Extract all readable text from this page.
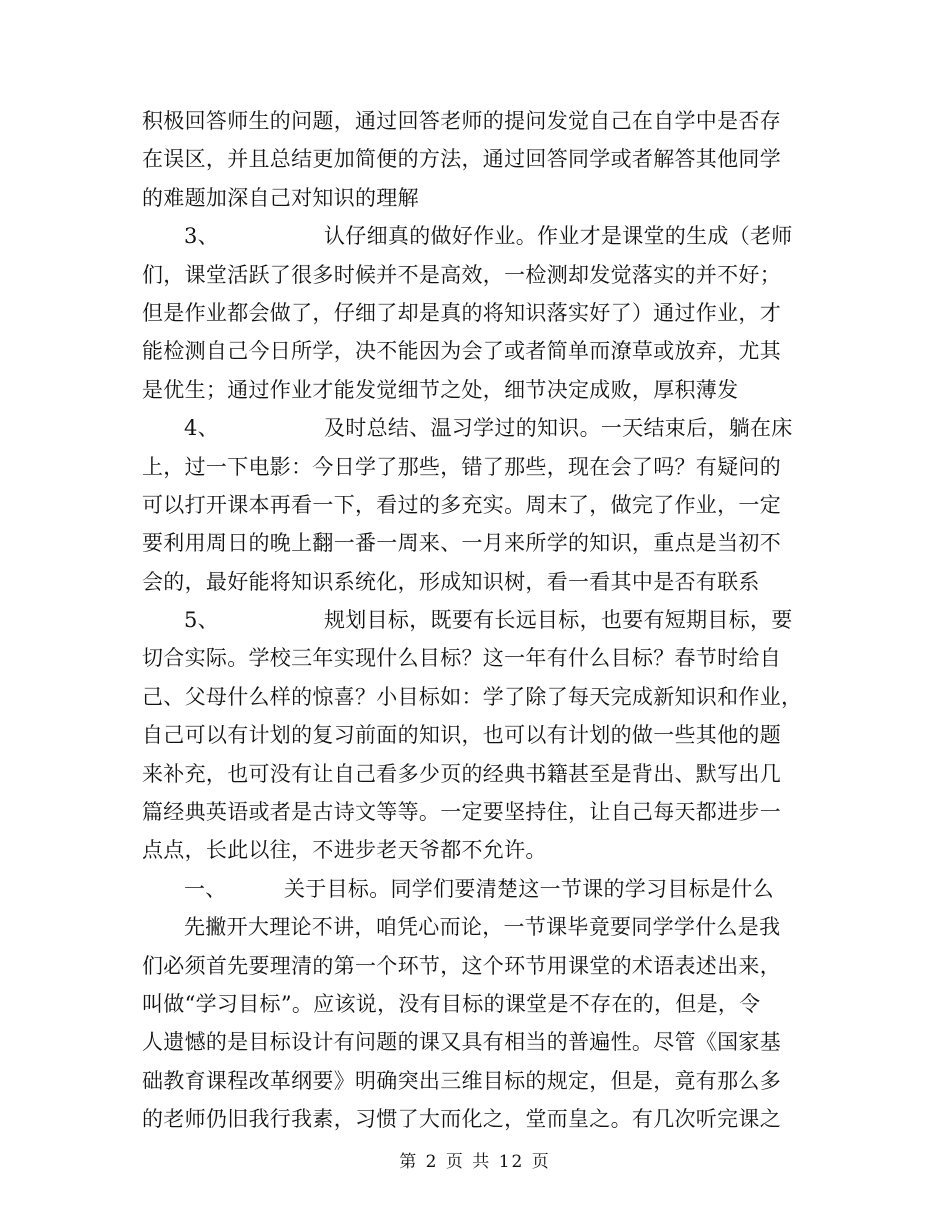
积极回答师生的问题，通过回答老师的提问发觉自己在自学中是否存
在误区，并且总结更加简便的方法，通过回答同学或者解答其他同学
的难题加深自己对知识的理解
3、	认仔细真的做好作业。作业才是课堂的生成（老师
们，课堂活跃了很多时候并不是高效，一检测却发觉落实的并不好；
但是作业都会做了，仔细了却是真的将知识落实好了）通过作业，才
能检测自己今日所学，决不能因为会了或者简单而潦草或放弃，尤其
是优生；通过作业才能发觉细节之处，细节决定成败，厚积薄发
4、	及时总结、温习学过的知识。一天结束后，躺在床
上，过一下电影：今日学了那些，错了那些，现在会了吗？有疑问的
可以打开课本再看一下，看过的多充实。周末了，做完了作业，一定
要利用周日的晚上翻一番一周来、一月来所学的知识，重点是当初不
会的，最好能将知识系统化，形成知识树，看一看其中是否有联系
5、	规划目标，既要有长远目标，也要有短期目标，要
切合实际。学校三年实现什么目标？这一年有什么目标？春节时给自
己、父母什么样的惊喜？小目标如：学了除了每天完成新知识和作业，
自己可以有计划的复习前面的知识，也可以有计划的做一些其他的题
来补充，也可没有让自己看多少页的经典书籍甚至是背出、默写出几
篇经典英语或者是古诗文等等。一定要坚持住，让自己每天都进步一
点点，长此以往，不进步老天爷都不允许。
一、	关于目标。同学们要清楚这一节课的学习目标是什么
先撇开大理论不讲，咱凭心而论，一节课毕竟要同学学什么是我
们必须首先要理清的第一个环节，这个环节用课堂的术语表述出来，
叫做“学习目标”。应该说，没有目标的课堂是不存在的，但是，令
人遗憾的是目标设计有问题的课又具有相当的普遍性。尽管《国家基
础教育课程改革纲要》明确突出三维目标的规定，但是，竟有那么多
的老师仍旧我行我素，习惯了大而化之，堂而皇之。有几次听完课之
第 2 页 共 12 页
